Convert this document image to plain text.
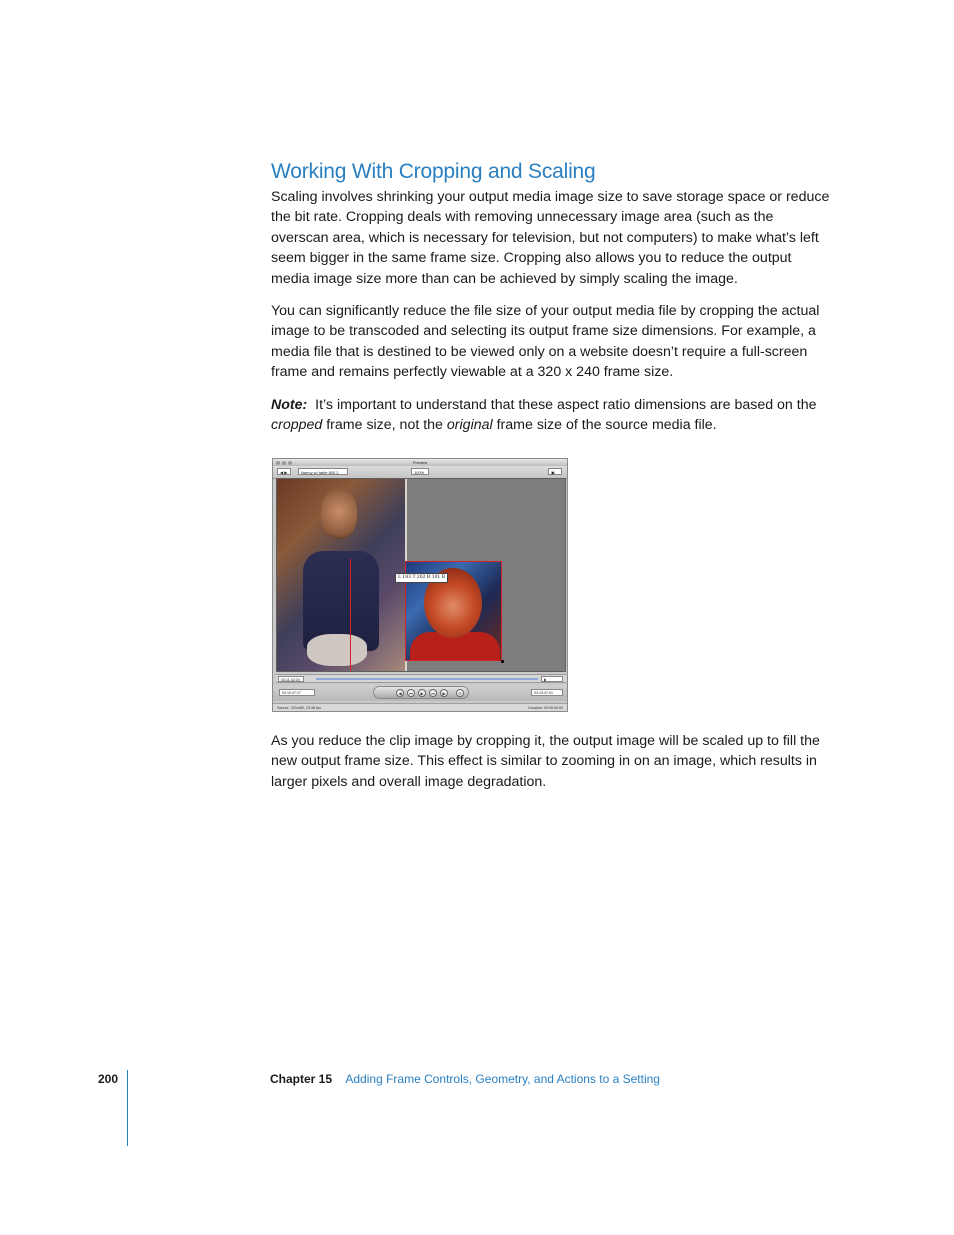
Working With Cropping and Scaling

Scaling involves shrinking your output media image size to save storage space or reduce the bit rate. Cropping deals with removing unnecessary image area (such as the overscan area, which is necessary for television, but not computers) to make what’s left seem bigger in the same frame size. Cropping also allows you to reduce the output media image size more than can be achieved by simply scaling the image.

You can significantly reduce the file size of your output media file by cropping the actual image to be transcoded and selecting its output frame size dimensions. For example, a media file that is destined to be viewed only on a website doesn’t require a full-screen frame and remains perfectly viewable at a 320 x 240 frame size.

Note: It’s important to understand that these aspect ratio dimensions are based on the cropped frame size, not the original frame size of the source media file.

Preview
◀ ▶	Nanny w/ table 800.2	100%	▣
L 183 T 202 R 101 B
03:11:32:04	▮
03:10:47:17	◀	⏮	▶	⏭	▶	⟳	03:13:47:01
Source: 720x480, 23.98 fps	Duration: 00:00:00:00

As you reduce the clip image by cropping it, the output image will be scaled up to fill the new output frame size. This effect is similar to zooming in on an image, which results in larger pixels and overall image degradation.

200	Chapter 15 Adding Frame Controls, Geometry, and Actions to a Setting
